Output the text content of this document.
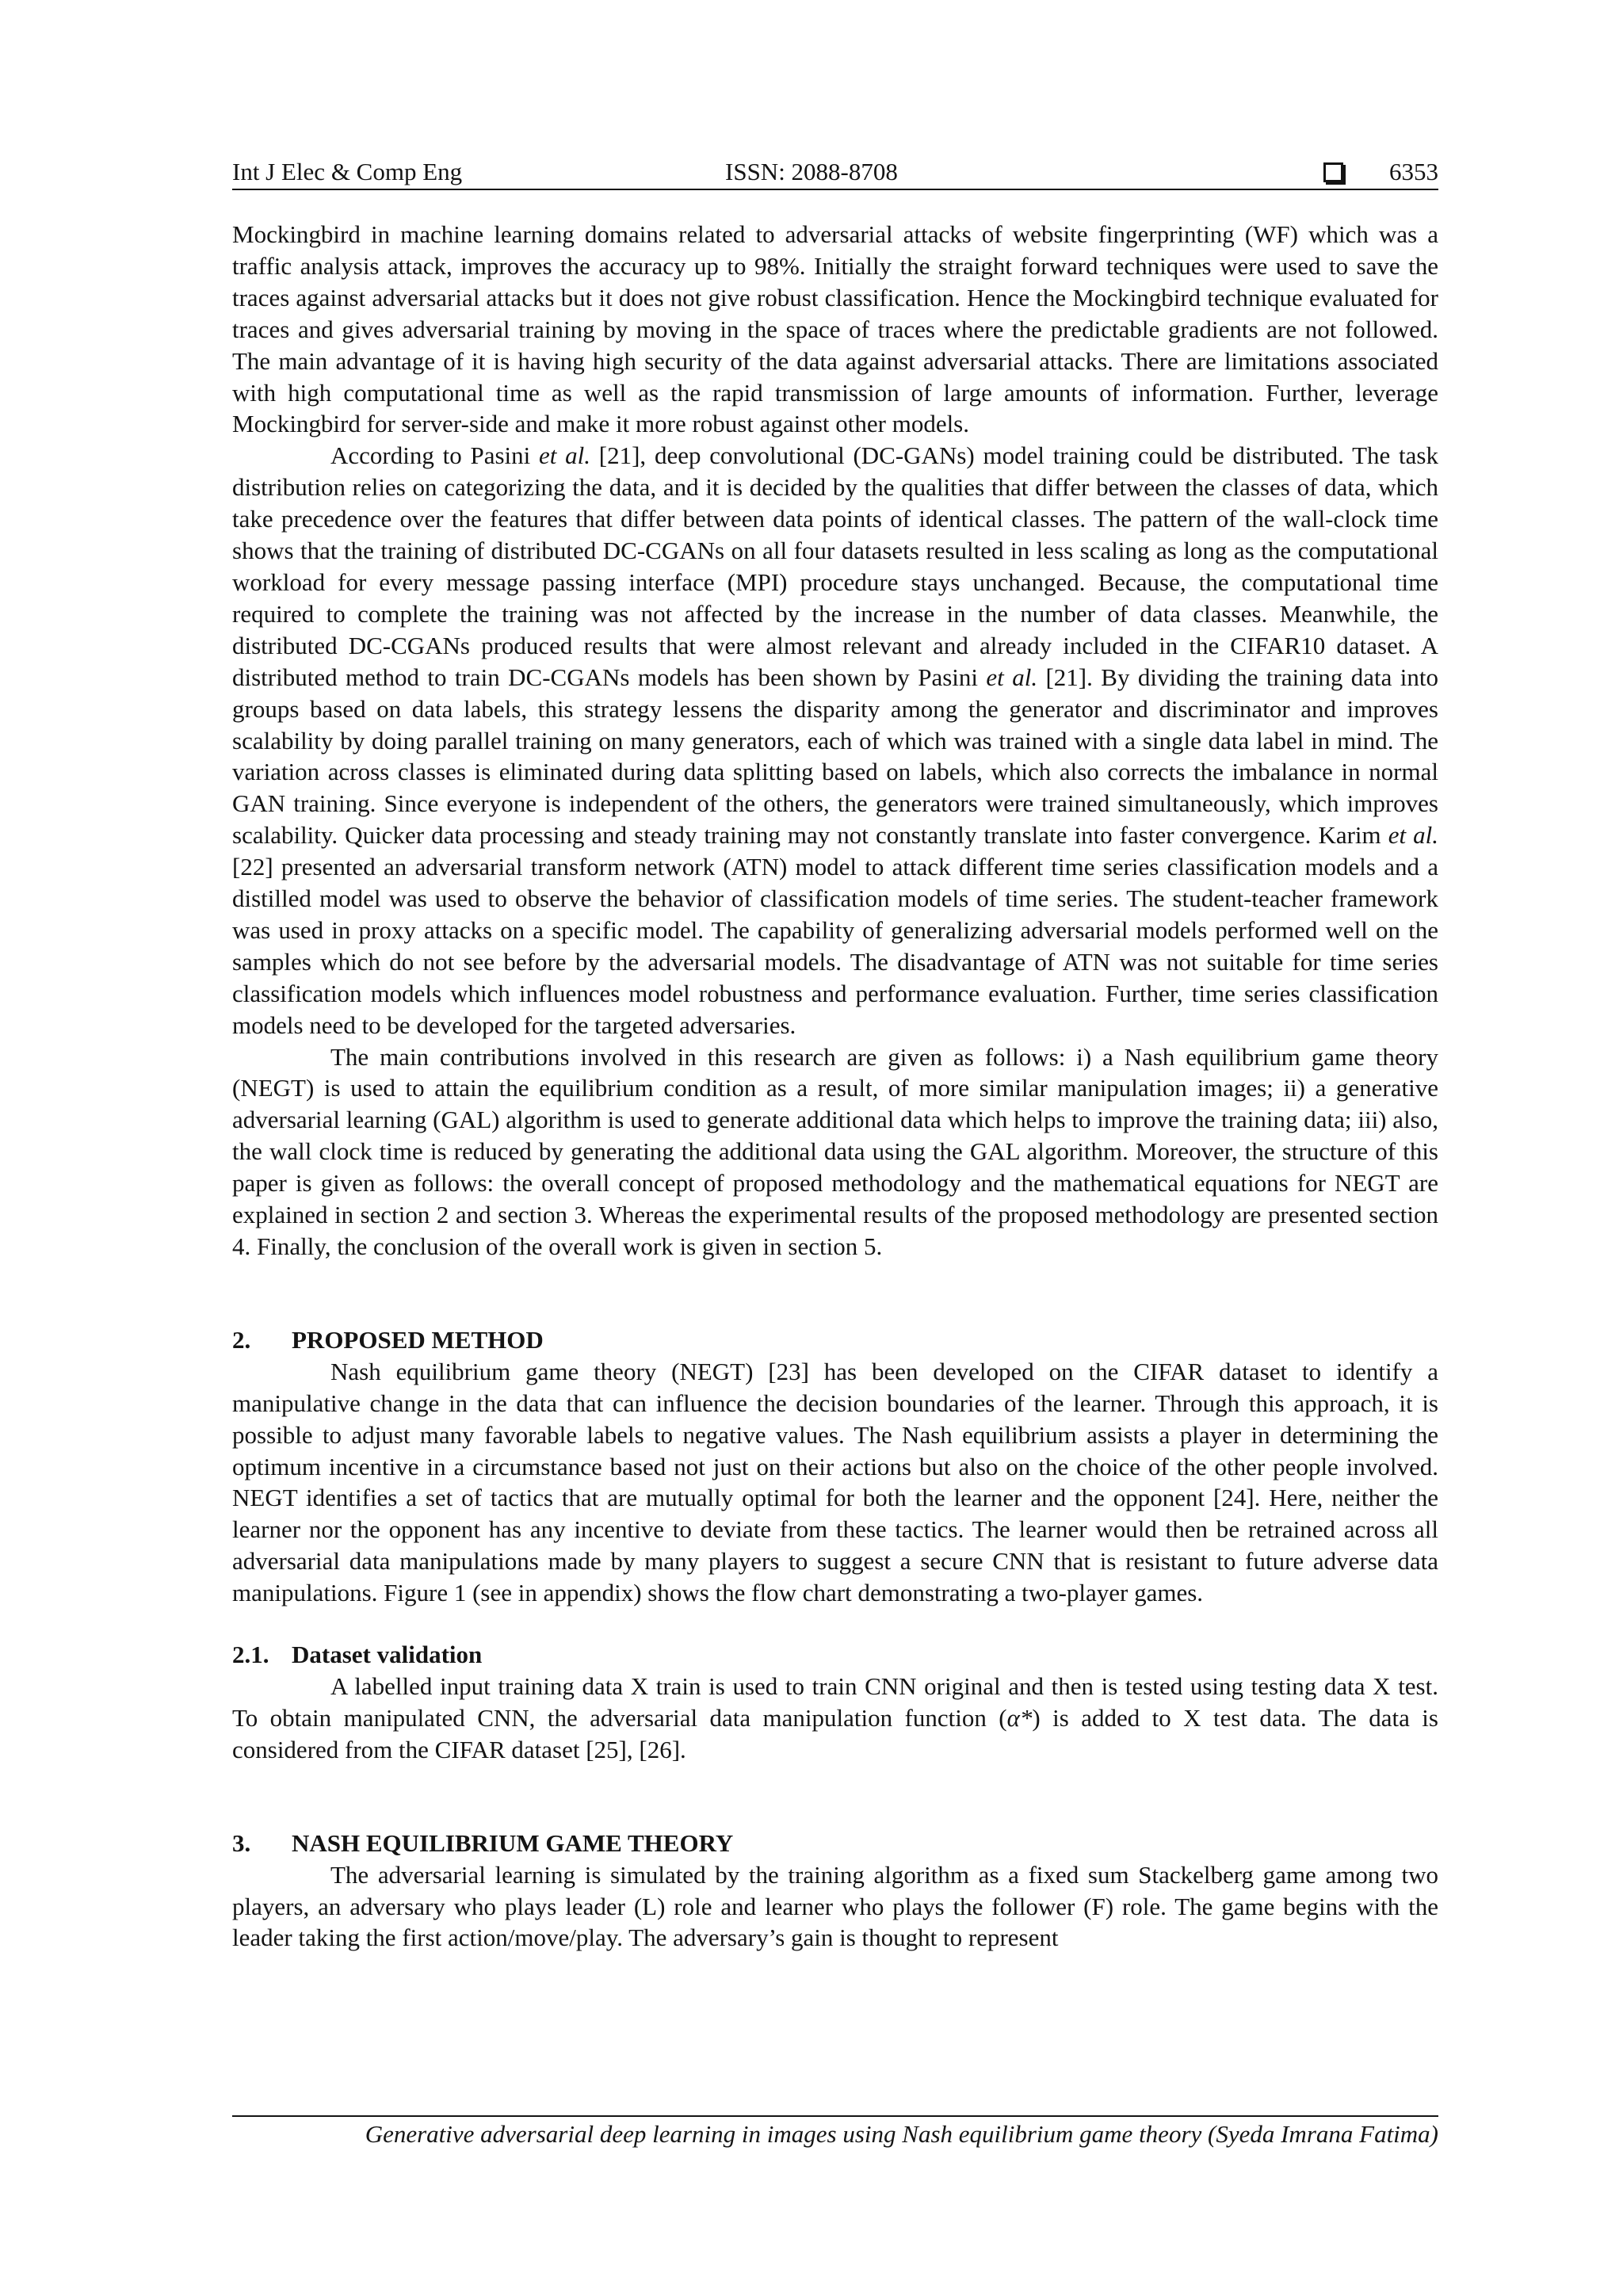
Int J Elec & Comp Eng	ISSN: 2088-8708	6353

Mockingbird in machine learning domains related to adversarial attacks of website fingerprinting (WF) which was a traffic analysis attack, improves the accuracy up to 98%. Initially the straight forward techniques were used to save the traces against adversarial attacks but it does not give robust classification. Hence the Mockingbird technique evaluated for traces and gives adversarial training by moving in the space of traces where the predictable gradients are not followed. The main advantage of it is having high security of the data against adversarial attacks. There are limitations associated with high computational time as well as the rapid transmission of large amounts of information. Further, leverage Mockingbird for server-side and make it more robust against other models.

According to Pasini et al. [21], deep convolutional (DC-GANs) model training could be distributed. The task distribution relies on categorizing the data, and it is decided by the qualities that differ between the classes of data, which take precedence over the features that differ between data points of identical classes. The pattern of the wall-clock time shows that the training of distributed DC-CGANs on all four datasets resulted in less scaling as long as the computational workload for every message passing interface (MPI) procedure stays unchanged. Because, the computational time required to complete the training was not affected by the increase in the number of data classes. Meanwhile, the distributed DC-CGANs produced results that were almost relevant and already included in the CIFAR10 dataset. A distributed method to train DC-CGANs models has been shown by Pasini et al. [21]. By dividing the training data into groups based on data labels, this strategy lessens the disparity among the generator and discriminator and improves scalability by doing parallel training on many generators, each of which was trained with a single data label in mind. The variation across classes is eliminated during data splitting based on labels, which also corrects the imbalance in normal GAN training. Since everyone is independent of the others, the generators were trained simultaneously, which improves scalability. Quicker data processing and steady training may not constantly translate into faster convergence. Karim et al. [22] presented an adversarial transform network (ATN) model to attack different time series classification models and a distilled model was used to observe the behavior of classification models of time series. The student-teacher framework was used in proxy attacks on a specific model. The capability of generalizing adversarial models performed well on the samples which do not see before by the adversarial models. The disadvantage of ATN was not suitable for time series classification models which influences model robustness and performance evaluation. Further, time series classification models need to be developed for the targeted adversaries.

The main contributions involved in this research are given as follows: i) a Nash equilibrium game theory (NEGT) is used to attain the equilibrium condition as a result, of more similar manipulation images; ii) a generative adversarial learning (GAL) algorithm is used to generate additional data which helps to improve the training data; iii) also, the wall clock time is reduced by generating the additional data using the GAL algorithm. Moreover, the structure of this paper is given as follows: the overall concept of proposed methodology and the mathematical equations for NEGT are explained in section 2 and section 3. Whereas the experimental results of the proposed methodology are presented section 4. Finally, the conclusion of the overall work is given in section 5.

2.	PROPOSED METHOD

Nash equilibrium game theory (NEGT) [23] has been developed on the CIFAR dataset to identify a manipulative change in the data that can influence the decision boundaries of the learner. Through this approach, it is possible to adjust many favorable labels to negative values. The Nash equilibrium assists a player in determining the optimum incentive in a circumstance based not just on their actions but also on the choice of the other people involved. NEGT identifies a set of tactics that are mutually optimal for both the learner and the opponent [24]. Here, neither the learner nor the opponent has any incentive to deviate from these tactics. The learner would then be retrained across all adversarial data manipulations made by many players to suggest a secure CNN that is resistant to future adverse data manipulations. Figure 1 (see in appendix) shows the flow chart demonstrating a two-player games.

2.1. Dataset validation

A labelled input training data X train is used to train CNN original and then is tested using testing data X test. To obtain manipulated CNN, the adversarial data manipulation function (α*) is added to X test data. The data is considered from the CIFAR dataset [25], [26].

3.	NASH EQUILIBRIUM GAME THEORY

The adversarial learning is simulated by the training algorithm as a fixed sum Stackelberg game among two players, an adversary who plays leader (L) role and learner who plays the follower (F) role. The game begins with the leader taking the first action/move/play. The adversary’s gain is thought to represent

Generative adversarial deep learning in images using Nash equilibrium game theory (Syeda Imrana Fatima)
